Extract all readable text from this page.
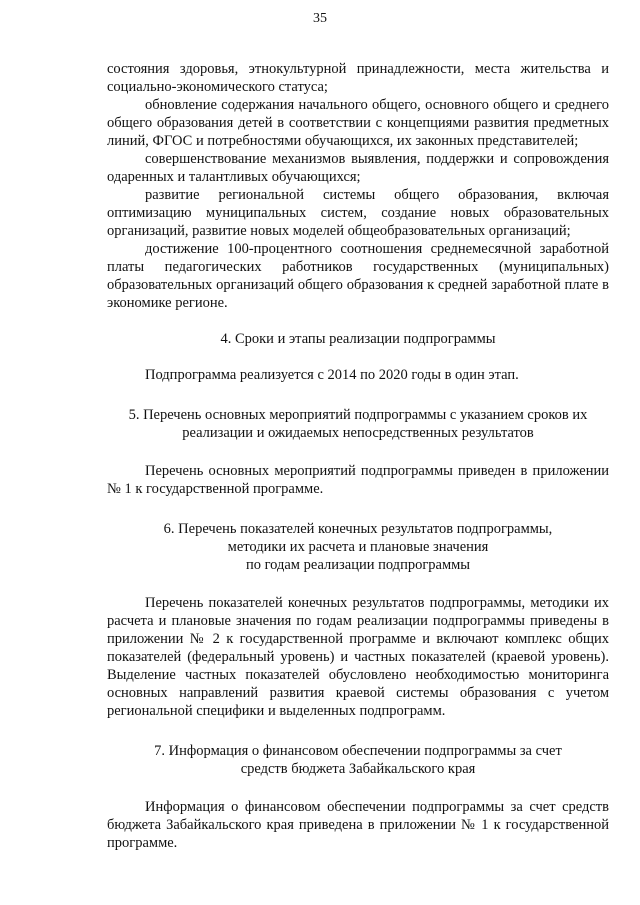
35

состояния здоровья, этнокультурной принадлежности, места жительства и социально-экономического статуса;

обновление содержания начального общего, основного общего и среднего общего образования детей в соответствии с концепциями развития предметных линий, ФГОС и потребностями обучающихся, их законных представителей;

совершенствование механизмов выявления, поддержки и сопровождения одаренных и талантливых обучающихся;

развитие региональной системы общего образования, включая оптимизацию муниципальных систем, создание новых образовательных организаций, развитие новых моделей общеобразовательных организаций;

достижение 100-процентного соотношения среднемесячной заработной платы педагогических работников государственных (муниципальных) образовательных организаций общего образования к средней заработной плате в экономике регионе.

4. Сроки и этапы реализации подпрограммы

Подпрограмма реализуется с 2014 по 2020 годы в один этап.

5. Перечень основных мероприятий подпрограммы с указанием сроков их

реализации и ожидаемых непосредственных результатов

Перечень основных мероприятий подпрограммы приведен в приложении № 1 к государственной программе.

6. Перечень показателей конечных результатов подпрограммы,

методики их расчета и плановые значения

по годам реализации подпрограммы

Перечень показателей конечных результатов подпрограммы, методики их расчета и плановые значения по годам реализации подпрограммы приведены в приложении № 2 к государственной программе и включают комплекс общих показателей (федеральный уровень) и частных показателей (краевой уровень). Выделение частных показателей обусловлено необходимостью мониторинга основных направлений развития краевой системы образования с учетом региональной специфики и выделенных подпрограмм.

7. Информация о финансовом обеспечении подпрограммы за счет

средств бюджета Забайкальского края

Информация о финансовом обеспечении подпрограммы за счет средств бюджета Забайкальского края приведена в приложении № 1 к государственной программе.
